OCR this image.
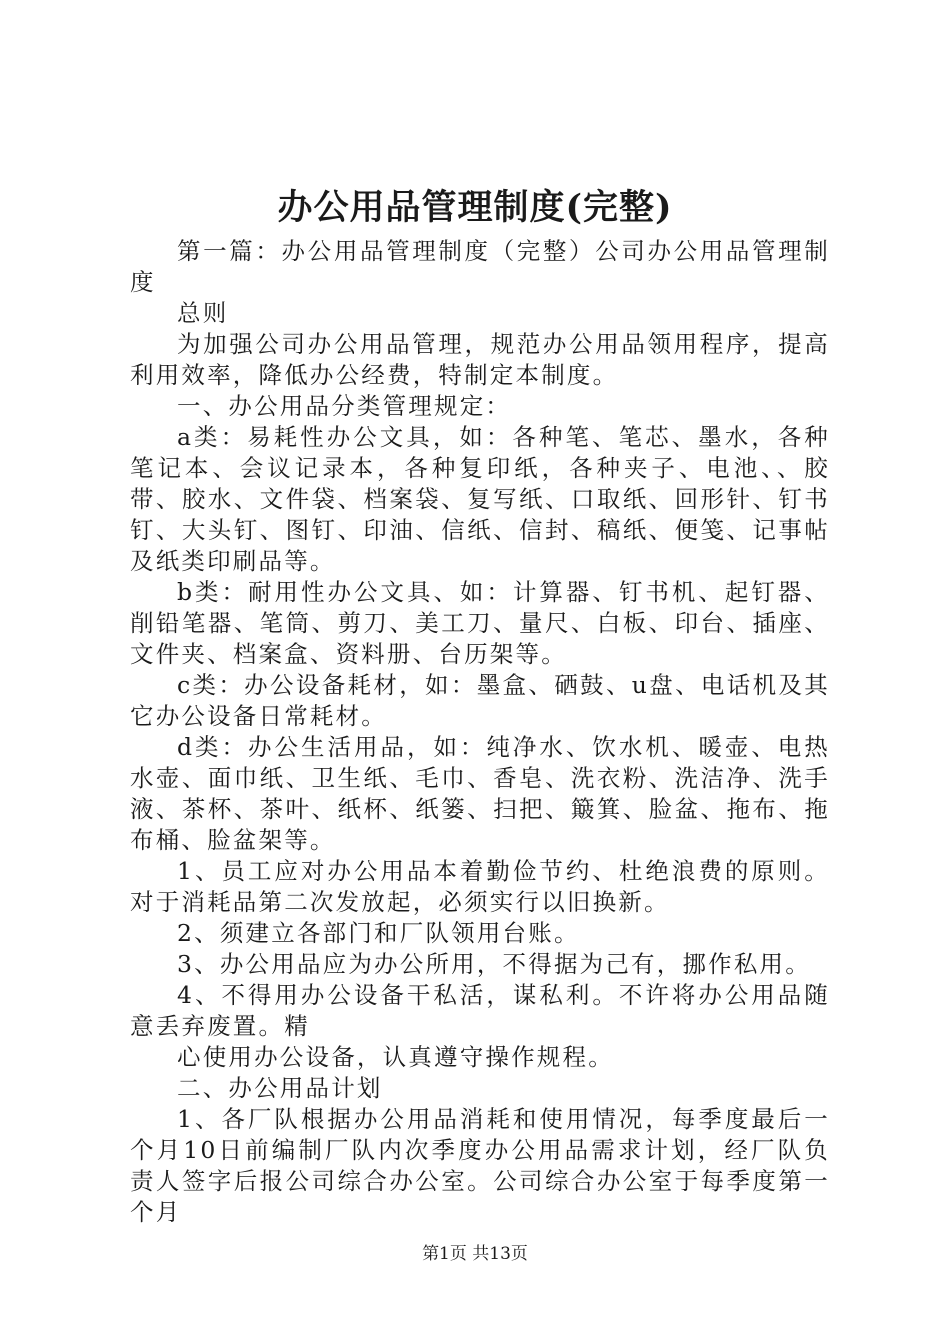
办公用品管理制度(完整)

第一篇：办公用品管理制度（完整）公司办公用品管理制度

总则

为加强公司办公用品管理，规范办公用品领用程序，提高利用效率，降低办公经费，特制定本制度。

一、办公用品分类管理规定：

a类：易耗性办公文具，如：各种笔、笔芯、墨水，各种笔记本、会议记录本，各种复印纸，各种夹子、电池、、胶带、胶水、文件袋、档案袋、复写纸、口取纸、回形针、钉书钉、大头钉、图钉、印油、信纸、信封、稿纸、便笺、记事帖及纸类印刷品等。

b类：耐用性办公文具、如：计算器、钉书机、起钉器、削铅笔器、笔筒、剪刀、美工刀、量尺、白板、印台、插座、文件夹、档案盒、资料册、台历架等。

c类：办公设备耗材，如：墨盒、硒鼓、u盘、电话机及其它办公设备日常耗材。

d类：办公生活用品，如：纯净水、饮水机、暖壶、电热水壶、面巾纸、卫生纸、毛巾、香皂、洗衣粉、洗洁净、洗手液、茶杯、茶叶、纸杯、纸篓、扫把、簸箕、脸盆、拖布、拖布桶、脸盆架等。

1、员工应对办公用品本着勤俭节约、杜绝浪费的原则。对于消耗品第二次发放起，必须实行以旧换新。

2、须建立各部门和厂队领用台账。

3、办公用品应为办公所用，不得据为己有，挪作私用。

4、不得用办公设备干私活，谋私利。不许将办公用品随意丢弃废置。精

心使用办公设备，认真遵守操作规程。

二、办公用品计划

1、各厂队根据办公用品消耗和使用情况，每季度最后一个月10日前编制厂队内次季度办公用品需求计划，经厂队负责人签字后报公司综合办公室。公司综合办公室于每季度第一个月

第1页 共13页
